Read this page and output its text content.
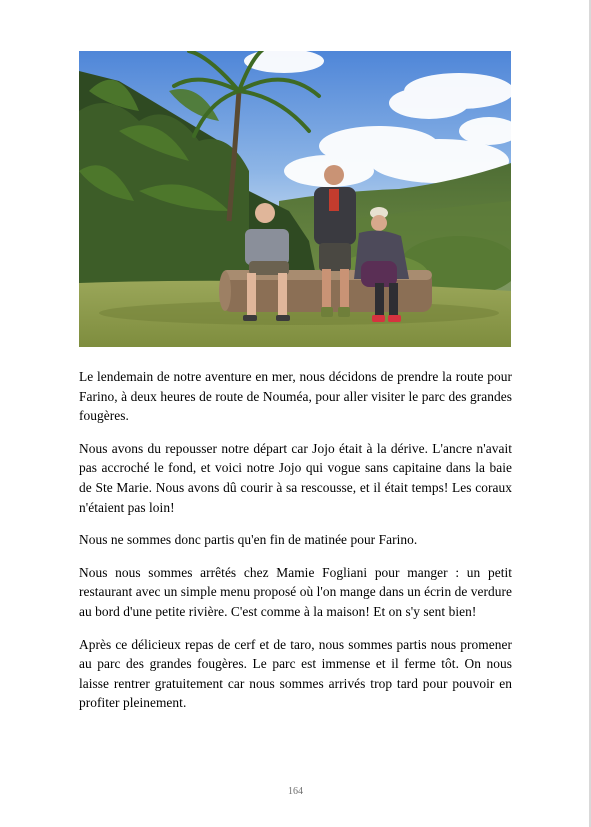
Le lendemain de notre aventure en mer, nous décidons de prendre la route pour Farino, à deux heures de route de Nouméa, pour aller visiter le parc des grandes fougères.

Nous avons du repousser notre départ car Jojo était à la dérive. L'ancre n'avait pas accroché le fond, et voici notre Jojo qui vogue sans capitaine dans la baie de Ste Marie. Nous avons dû courir à sa rescousse, et il était temps! Les coraux n'étaient pas loin!

Nous ne sommes donc partis qu'en fin de matinée pour Farino.

Nous nous sommes arrêtés chez Mamie Fogliani pour manger : un petit restaurant avec un simple menu proposé où l'on mange dans un écrin de verdure au bord d'une petite rivière. C'est comme à la maison! Et on s'y sent bien!

Après ce délicieux repas de cerf et de taro, nous sommes partis nous promener au parc des grandes fougères. Le parc est immense et il ferme tôt. On nous laisse rentrer gratuitement car nous sommes arrivés trop tard pour pouvoir en profiter pleinement.

164
